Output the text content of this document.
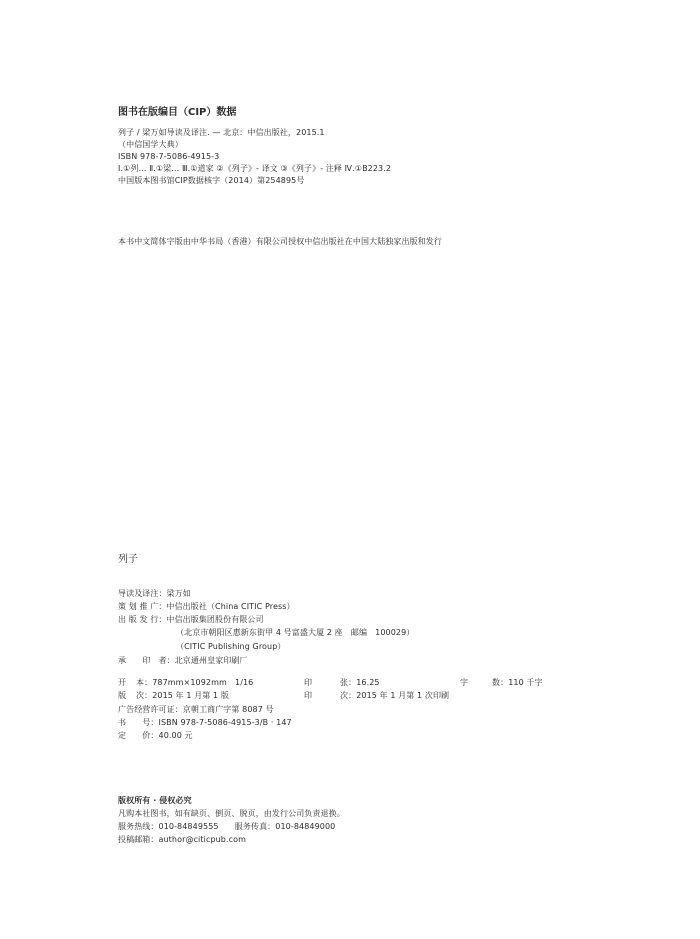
图书在版编目（CIP）数据
列子 / 梁万如导读及译注. — 北京：中信出版社，2015.1
（中信国学大典）
ISBN 978-7-5086-4915-3
Ⅰ.①列… Ⅱ.①梁… Ⅲ.①道家 ②《列子》- 译文 ③《列子》- 注释 Ⅳ.①B223.2
中国版本图书馆CIP数据核字（2014）第254895号
本书中文简体字版由中华书局（香港）有限公司授权中信出版社在中国大陆独家出版和发行
列子
导读及译注：梁万如
策 划 推 广：中信出版社（China CITIC Press）
出 版 发 行：中信出版集团股份有限公司
（北京市朝阳区惠新东街甲 4 号富盛大厦 2 座　邮编　100029）
（CITIC Publishing Group）
承　　印　者：北京通州皇家印刷厂
开 本：787mm×1092mm　1/16	印	张：16.25	字	数：110 千字
版 次：2015 年 1 月第 1 版	印	次：2015 年 1 月第 1 次印刷
广告经营许可证：京朝工商广字第 8087 号
书　　号：ISBN 978-7-5086-4915-3/B · 147
定　　价：40.00 元
版权所有 · 侵权必究
凡购本社图书，如有缺页、倒页、脱页，由发行公司负责退换。
服务热线：010-84849555　　服务传真：010-84849000
投稿邮箱：author@citicpub.com
